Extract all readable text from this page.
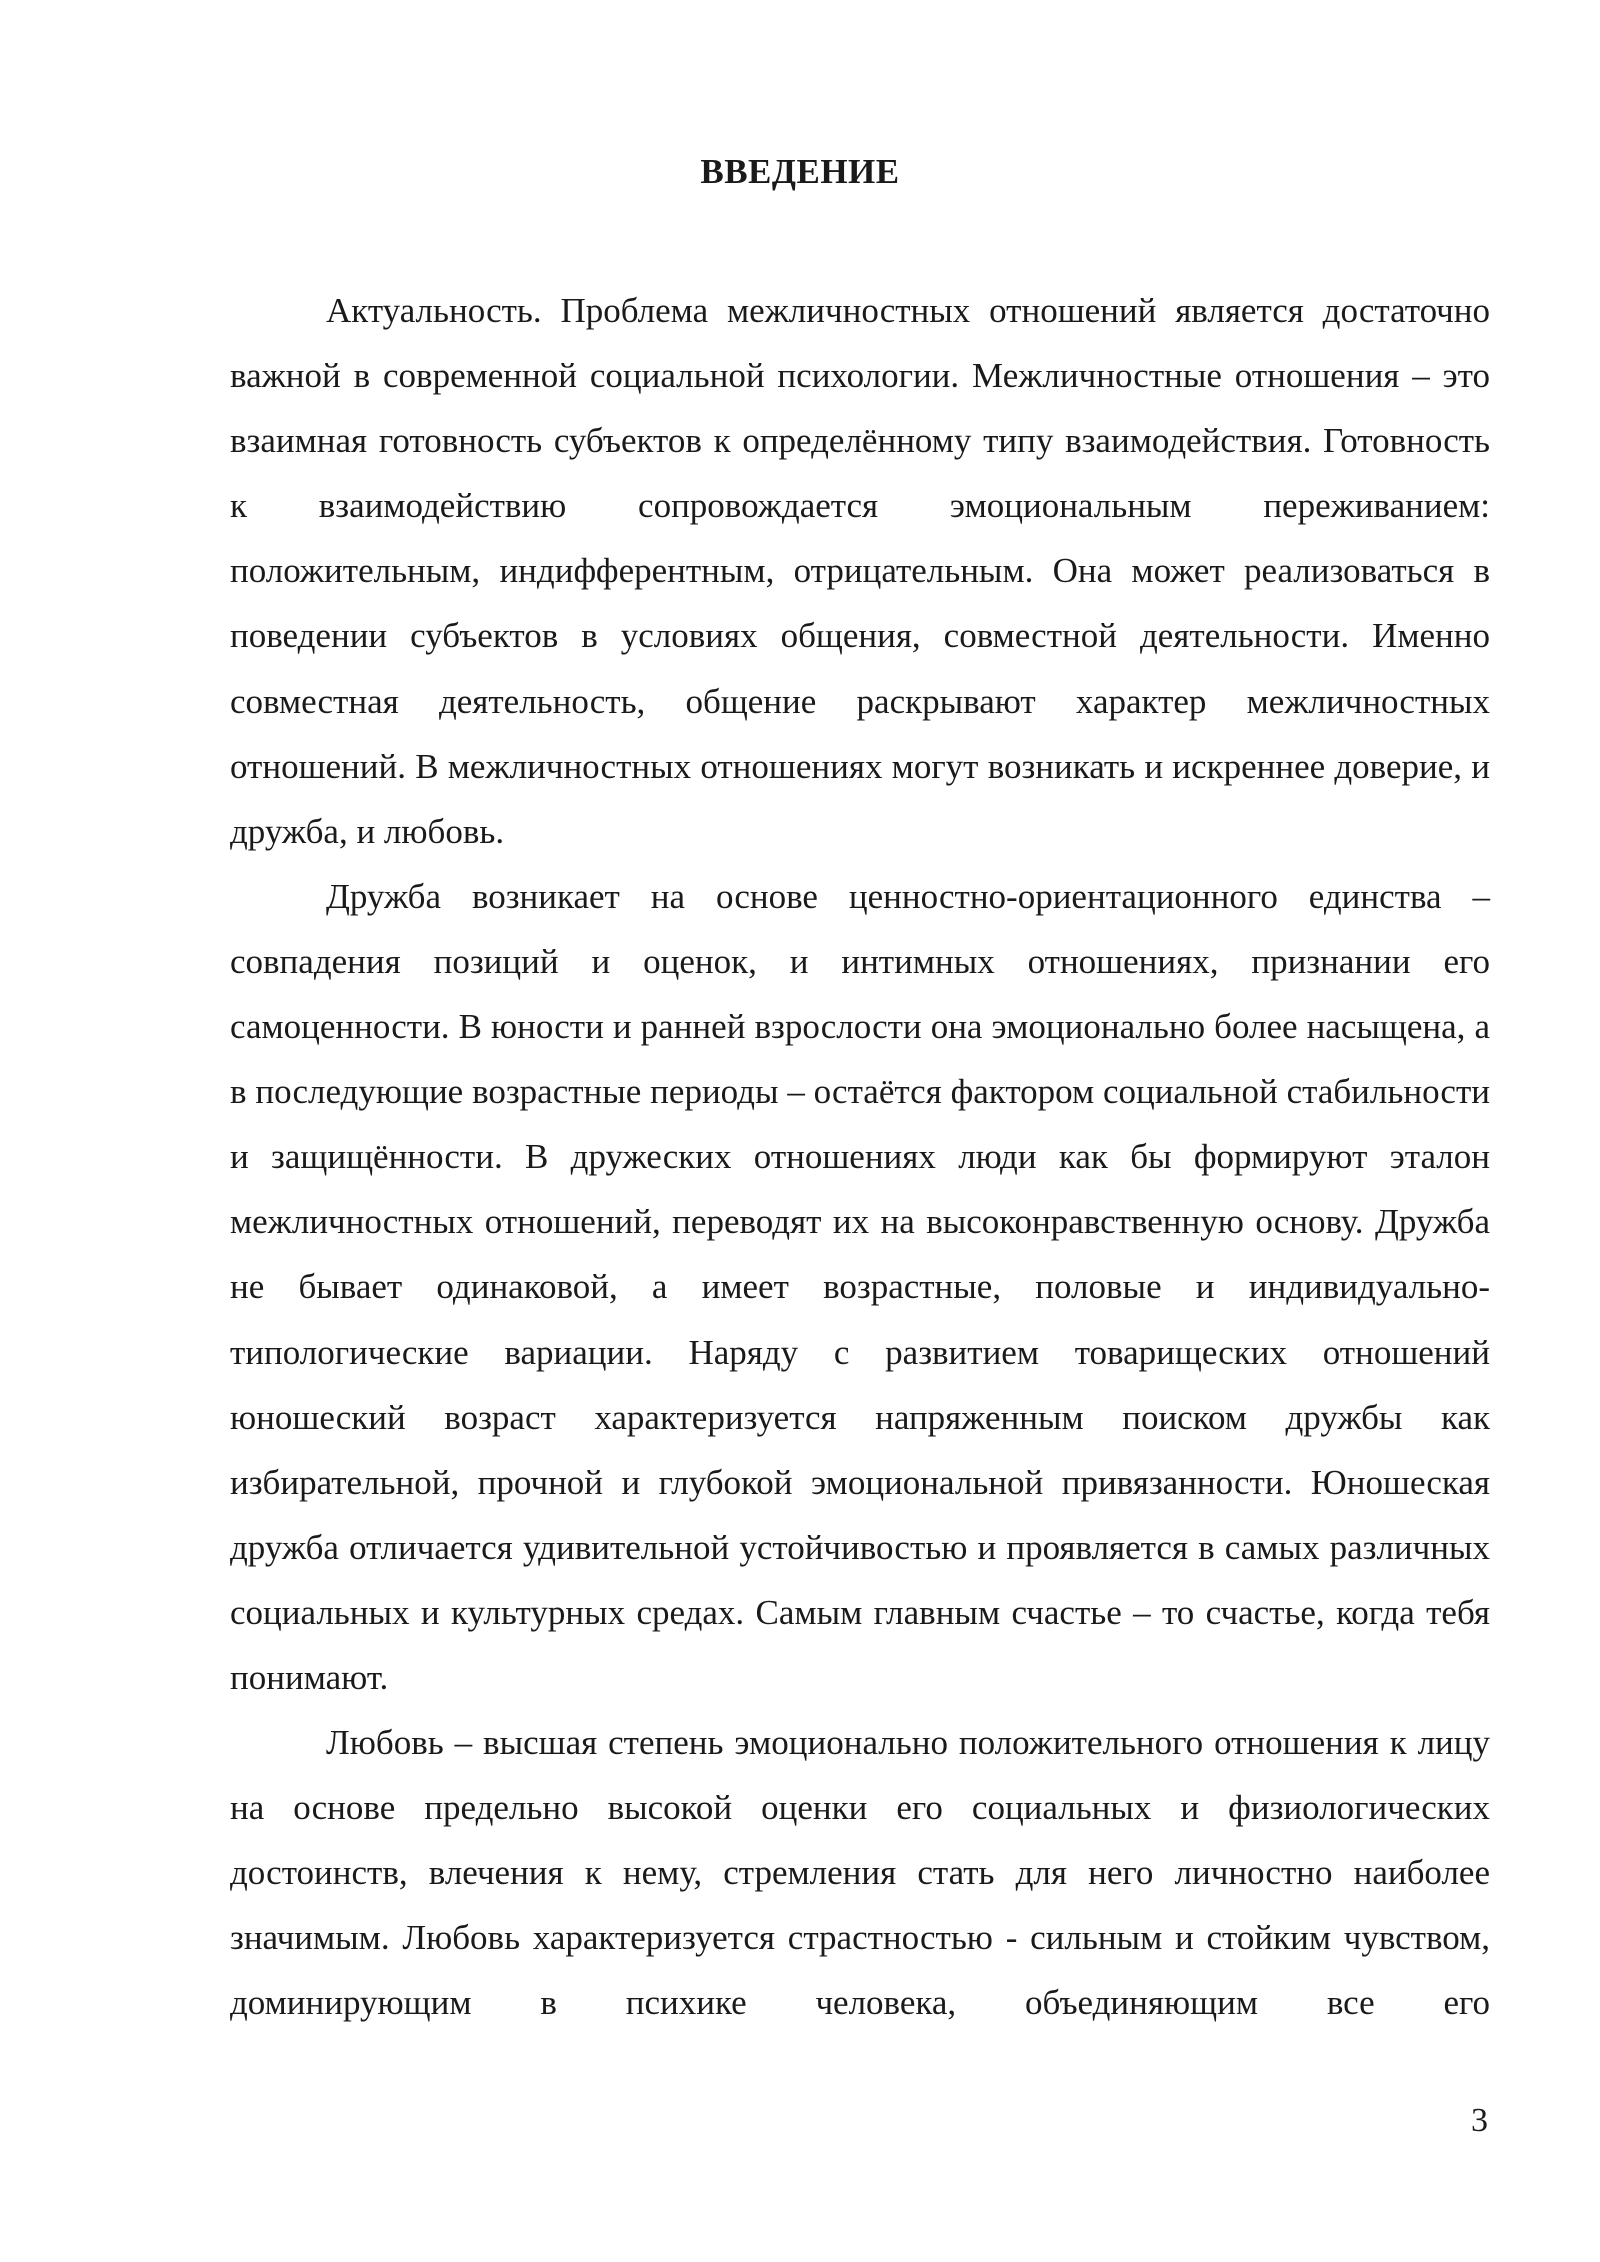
ВВЕДЕНИЕ

Актуальность. Проблема межличностных отношений является достаточно важной в современной социальной психологии. Межличностные отношения – это взаимная готовность субъектов к определённому типу взаимодействия. Готовность к взаимодействию сопровождается эмоциональным переживанием: положительным, индифферентным, отрицательным. Она может реализоваться в поведении субъектов в условиях общения, совместной деятельности. Именно совместная деятельность, общение раскрывают характер межличностных отношений. В межличностных отношениях могут возникать и искреннее доверие, и дружба, и любовь.

Дружба возникает на основе ценностно-ориентационного единства – совпадения позиций и оценок, и интимных отношениях, признании его самоценности. В юности и ранней взрослости она эмоционально более насыщена, а в последующие возрастные периоды – остаётся фактором социальной стабильности и защищённости. В дружеских отношениях люди как бы формируют эталон межличностных отношений, переводят их на высоконравственную основу. Дружба не бывает одинаковой, а имеет возрастные, половые и индивидуально-типологические вариации. Наряду с развитием товарищеских отношений юношеский возраст характеризуется напряженным поиском дружбы как избирательной, прочной и глубокой эмоциональной привязанности. Юношеская дружба отличается удивительной устойчивостью и проявляется в самых различных социальных и культурных средах. Самым главным счастье – то счастье, когда тебя понимают.

Любовь – высшая степень эмоционально положительного отношения к лицу на основе предельно высокой оценки его социальных и физиологических достоинств, влечения к нему, стремления стать для него личностно наиболее значимым. Любовь характеризуется страстностью - сильным и стойким чувством, доминирующим в психике человека, объединяющим все его

3
